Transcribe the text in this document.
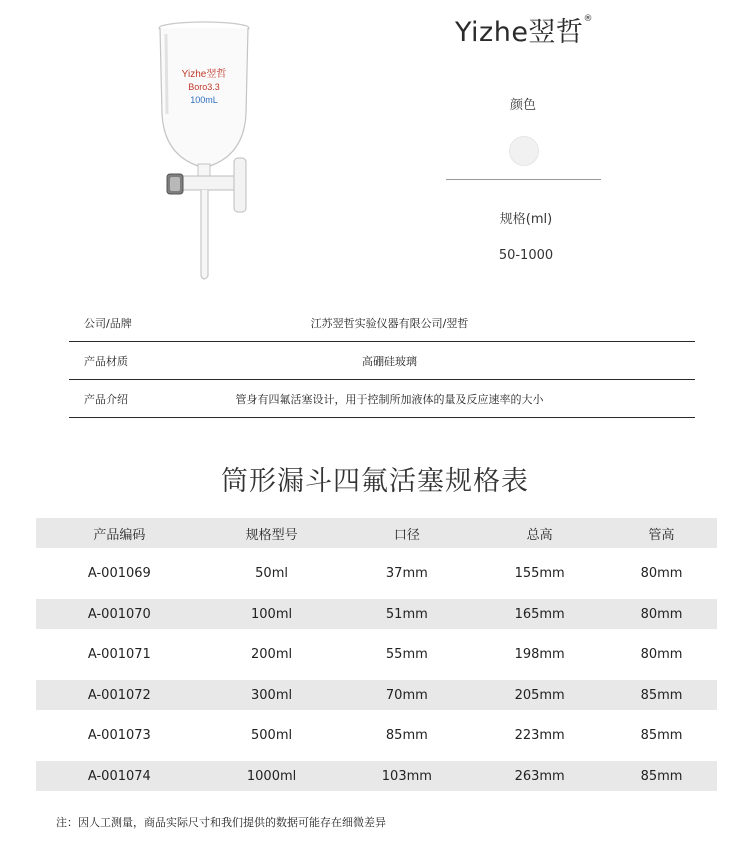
Yizhe翌哲
Boro3.3
100mL
Yizhe翌哲®
颜色
规格(ml)
50-1000
公司/品牌	江苏翌哲实验仪器有限公司/翌哲
产品材质	高硼硅玻璃
产品介绍	管身有四氟活塞设计，用于控制所加液体的量及反应速率的大小
筒形漏斗四氟活塞规格表
产品编码	规格型号	口径	总高	管高
A-001069	50ml	37mm	155mm	80mm
A-001070	100ml	51mm	165mm	80mm
A-001071	200ml	55mm	198mm	80mm
A-001072	300ml	70mm	205mm	85mm
A-001073	500ml	85mm	223mm	85mm
A-001074	1000ml	103mm	263mm	85mm
注：因人工测量，商品实际尺寸和我们提供的数据可能存在细微差异
